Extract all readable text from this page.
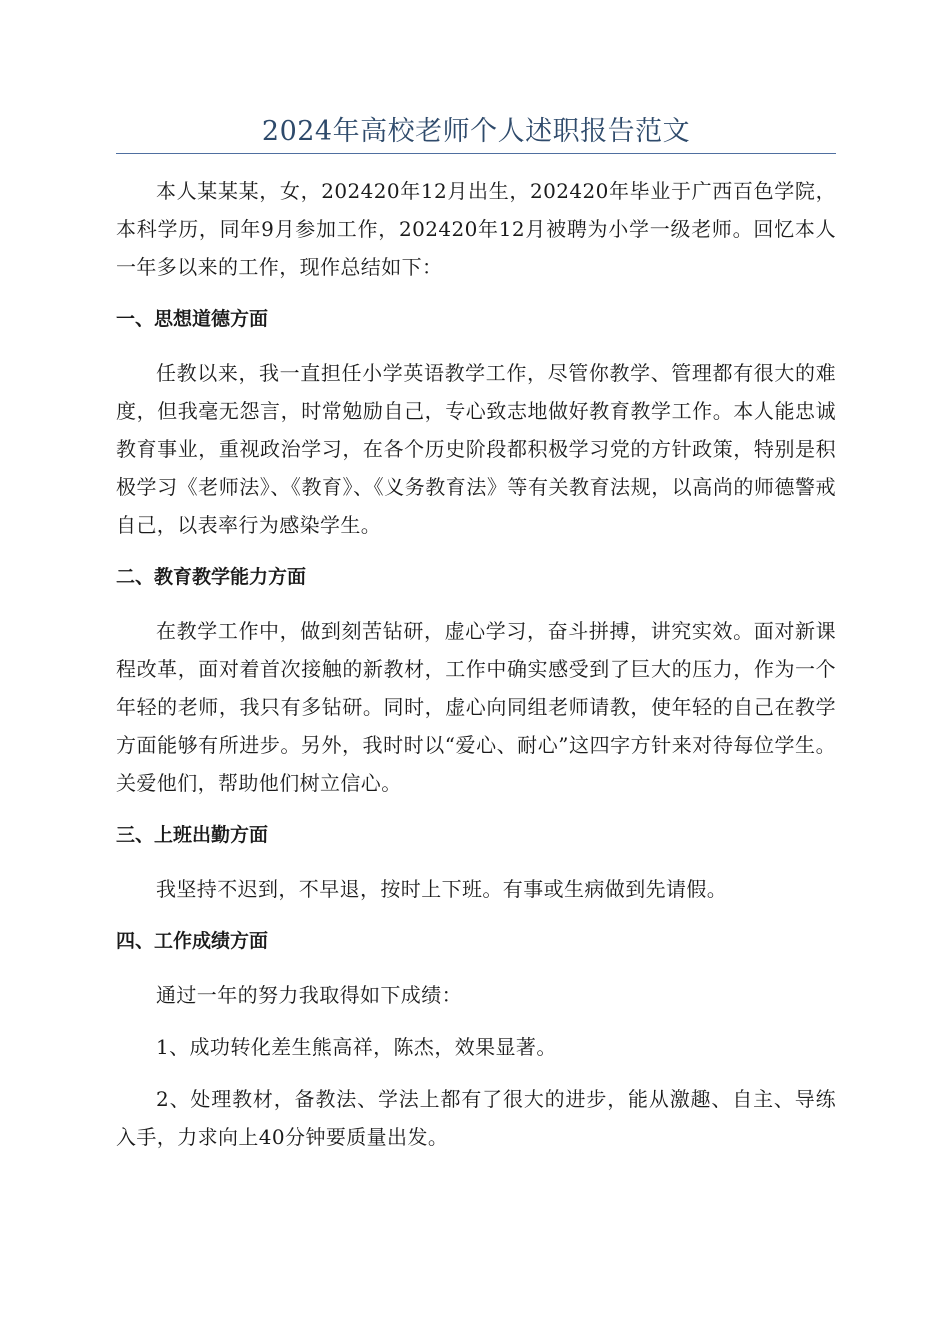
2024年高校老师个人述职报告范文

本人某某某，女，202420年12月出生，202420年毕业于广西百色学院，本科学历，同年9月参加工作，202420年12月被聘为小学一级老师。回忆本人一年多以来的工作，现作总结如下：

一、思想道德方面

任教以来，我一直担任小学英语教学工作，尽管你教学、管理都有很大的难度，但我毫无怨言，时常勉励自己，专心致志地做好教育教学工作。本人能忠诚教育事业，重视政治学习，在各个历史阶段都积极学习党的方针政策，特别是积极学习《老师法》、《教育》、《义务教育法》等有关教育法规，以高尚的师德警戒自己，以表率行为感染学生。

二、教育教学能力方面

在教学工作中，做到刻苦钻研，虚心学习，奋斗拼搏，讲究实效。面对新课程改革，面对着首次接触的新教材，工作中确实感受到了巨大的压力，作为一个年轻的老师，我只有多钻研。同时，虚心向同组老师请教，使年轻的自己在教学方面能够有所进步。另外，我时时以“爱心、耐心”这四字方针来对待每位学生。关爱他们，帮助他们树立信心。

三、上班出勤方面

我坚持不迟到，不早退，按时上下班。有事或生病做到先请假。

四、工作成绩方面

通过一年的努力我取得如下成绩：

1、成功转化差生熊高祥，陈杰，效果显著。

2、处理教材，备教法、学法上都有了很大的进步，能从激趣、自主、导练入手，力求向上40分钟要质量出发。
